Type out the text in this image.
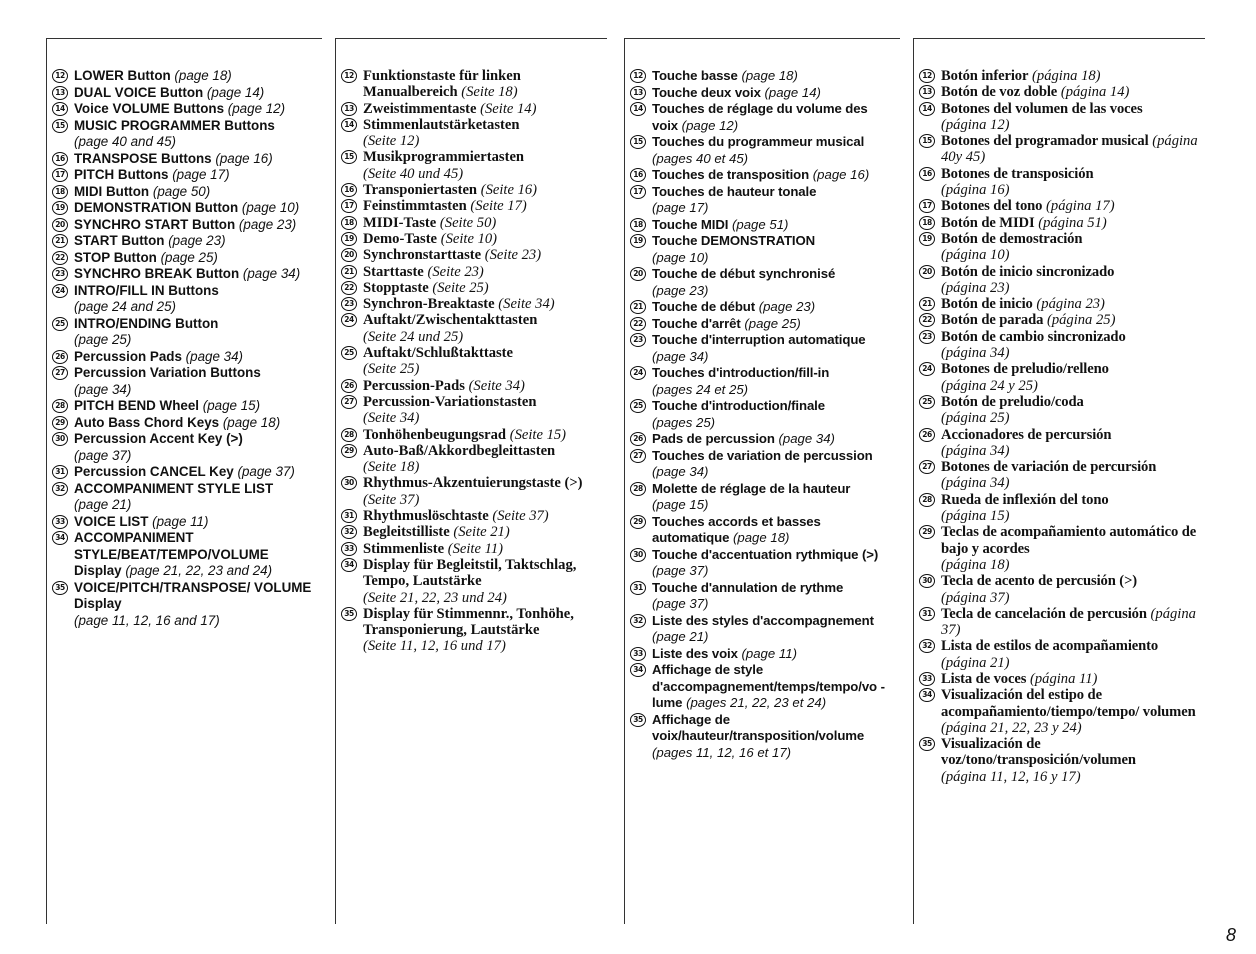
12 LOWER Button (page 18)
13 DUAL VOICE Button (page 14)
14 Voice VOLUME Buttons (page 12)
15 MUSIC PROGRAMMER Buttons
(page 40 and 45)
16 TRANSPOSE Buttons (page 16)
17 PITCH Buttons (page 17)
18 MIDI Button (page 50)
19 DEMONSTRATION Button (page 10)
20 SYNCHRO START Button (page 23)
21 START Button (page 23)
22 STOP Button (page 25)
23 SYNCHRO BREAK Button (page 34)
24 INTRO/FILL IN Buttons
(page 24 and 25)
25 INTRO/ENDING Button
(page 25)
26 Percussion Pads (page 34)
27 Percussion Variation Buttons
(page 34)
28 PITCH BEND Wheel (page 15)
29 Auto Bass Chord Keys (page 18)
30 Percussion Accent Key (>)
(page 37)
31 Percussion CANCEL Key (page 37)
32 ACCOMPANIMENT STYLE LIST
(page 21)
33 VOICE LIST (page 11)
34 ACCOMPANIMENT STYLE/BEAT/TEMPO/VOLUME Display (page 21, 22, 23 and 24)
35 VOICE/PITCH/TRANSPOSE/ VOLUME Display
(page 11, 12, 16 and 17)
12 Funktionstaste für linken Manualbereich (Seite 18)
13 Zweistimmentaste (Seite 14)
14 Stimmenlautstärketasten
(Seite 12)
15 Musikprogrammiertasten
(Seite 40 und 45)
16 Transponiertasten (Seite 16)
17 Feinstimmtasten (Seite 17)
18 MIDI-Taste (Seite 50)
19 Demo-Taste (Seite 10)
20 Synchronstarttaste (Seite 23)
21 Starttaste (Seite 23)
22 Stopptaste (Seite 25)
23 Synchron-Breaktaste (Seite 34)
24 Auftakt/Zwischentakttasten
(Seite 24 und 25)
25 Auftakt/Schlußtakttaste
(Seite 25)
26 Percussion-Pads (Seite 34)
27 Percussion-Variationstasten
(Seite 34)
28 Tonhöhenbeugungsrad (Seite 15)
29 Auto-Baß/Akkordbegleittasten
(Seite 18)
30 Rhythmus-Akzentuierungstaste (>) (Seite 37)
31 Rhythmuslöschtaste (Seite 37)
32 Begleitstilliste (Seite 21)
33 Stimmenliste (Seite 11)
34 Display für Begleitstil, Taktschlag, Tempo, Lautstärke
(Seite 21, 22, 23 und 24)
35 Display für Stimmennr., Tonhöhe, Transponierung, Lautstärke
(Seite 11, 12, 16 und 17)
12 Touche basse (page 18)
13 Touche deux voix (page 14)
14 Touches de réglage du volume des voix (page 12)
15 Touches du programmeur musical
(pages 40 et 45)
16 Touches de transposition (page 16)
17 Touches de hauteur tonale
(page 17)
18 Touche MIDI (page 51)
19 Touche DEMONSTRATION
(page 10)
20 Touche de début synchronisé
(page 23)
21 Touche de début (page 23)
22 Touche d'arrêt (page 25)
23 Touche d'interruption automatique
(page 34)
24 Touches d'introduction/fill-in
(pages 24 et 25)
25 Touche d'introduction/finale
(pages 25)
26 Pads de percussion (page 34)
27 Touches de variation de percussion
(page 34)
28 Molette de réglage de la hauteur
(page 15)
29 Touches accords et basses automatique (page 18)
30 Touche d'accentuation rythmique (>) (page 37)
31 Touche d'annulation de rythme
(page 37)
32 Liste des styles d'accompagnement
(page 21)
33 Liste des voix (page 11)
34 Affichage de style d'accompagnement/temps/tempo/vo -lume (pages 21, 22, 23 et 24)
35 Affichage de voix/hauteur/transposition/volume
(pages 11, 12, 16 et 17)
12 Botón inferior (página 18)
13 Botón de voz doble (página 14)
14 Botones del volumen de las voces
(página 12)
15 Botones del programador musical (página 40y 45)
16 Botones de transposición
(página 16)
17 Botones del tono (página 17)
18 Botón de MIDI (página 51)
19 Botón de demostración
(página 10)
20 Botón de inicio sincronizado
(página 23)
21 Botón de inicio (página 23)
22 Botón de parada (página 25)
23 Botón de cambio sincronizado
(página 34)
24 Botones de preludio/relleno
(página 24 y 25)
25 Botón de preludio/coda
(página 25)
26 Accionadores de percursión
(página 34)
27 Botones de variación de percursión (página 34)
28 Rueda de inflexión del tono
(página 15)
29 Teclas de acompañamiento automático de bajo y acordes
(página 18)
30 Tecla de acento de percusión (>)
(página 37)
31 Tecla de cancelación de percusión (página 37)
32 Lista de estilos de acompañamiento (página 21)
33 Lista de voces (página 11)
34 Visualización del estipo de acompañamiento/tiempo/tempo/ volumen (página 21, 22, 23 y 24)
35 Visualización de voz/tono/transposición/volumen
(página 11, 12, 16 y 17)
8
